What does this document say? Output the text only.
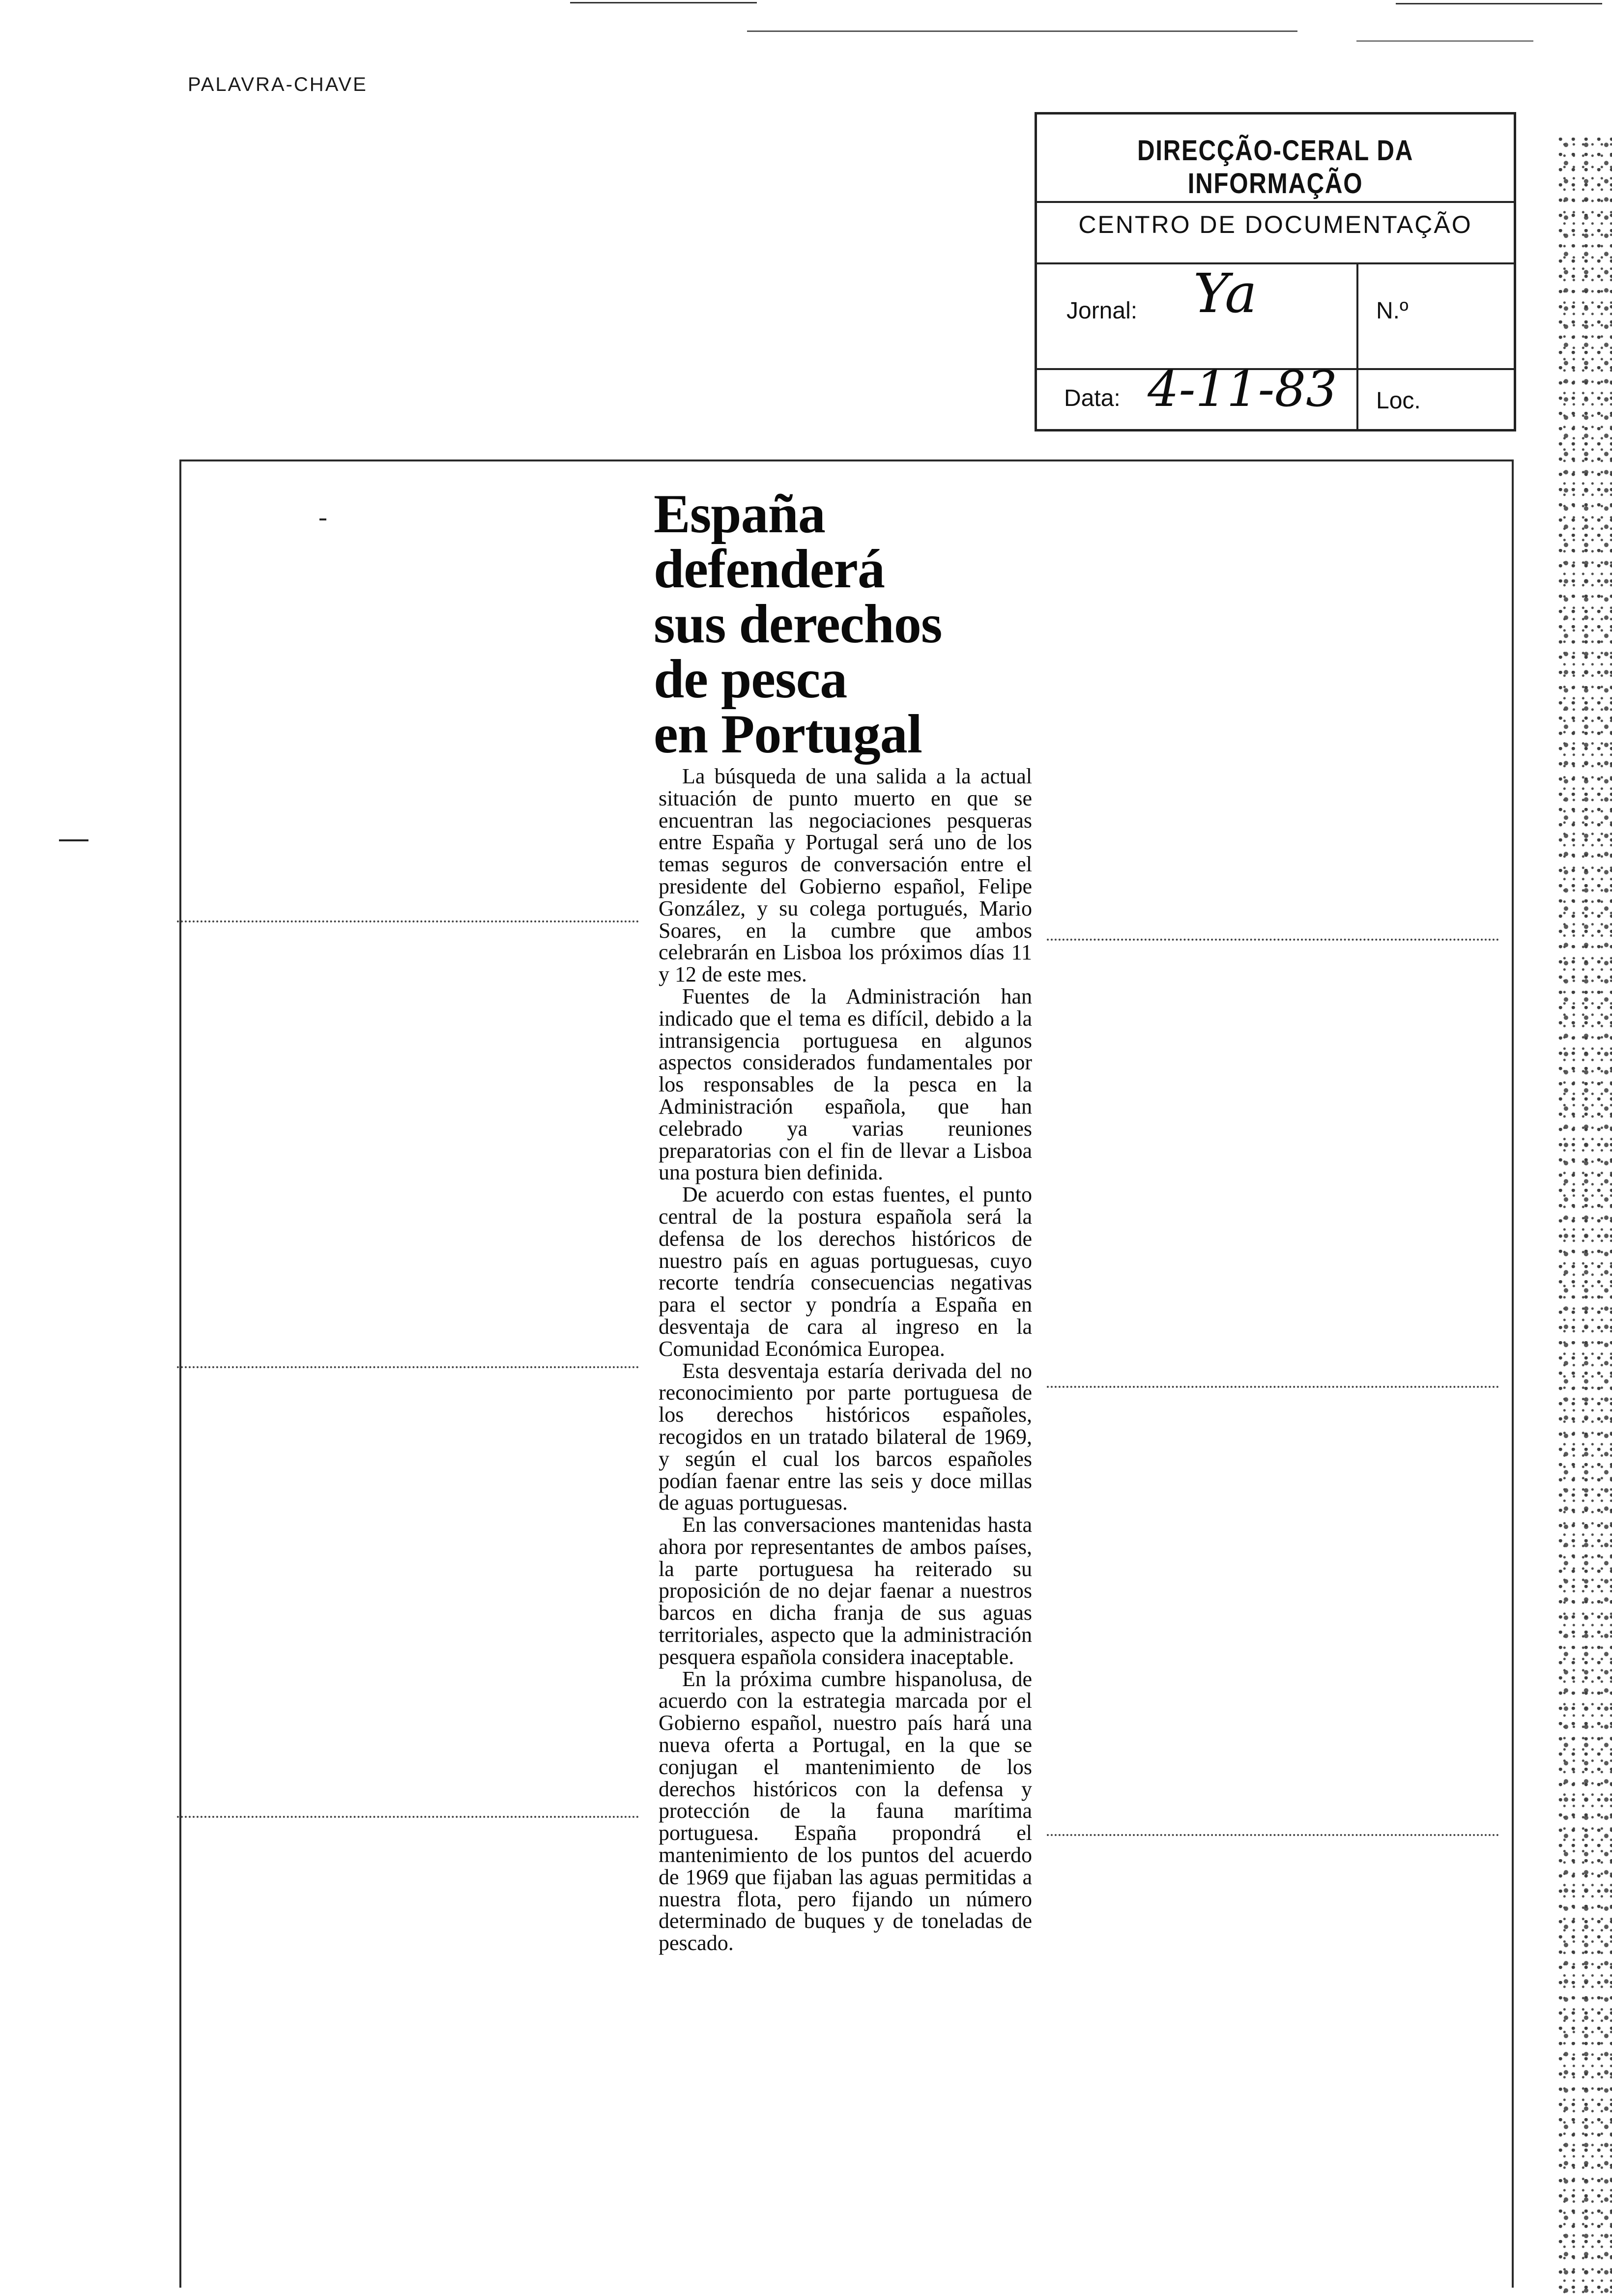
PALAVRA-CHAVE
DIRECÇÃO-CERAL DA INFORMAÇÃO
CENTRO DE DOCUMENTAÇÃO
Jornal: Ya	N.º
Data: 4-11-83 Loc.
España
defenderá
sus derechos
de pesca
en Portugal

La búsqueda de una salida a la actual situación de punto muerto en que se encuentran las negociaciones pesqueras entre España y Portugal será uno de los temas seguros de conversación entre el presidente del Gobierno español, Felipe González, y su colega portugués, Mario Soares, en la cumbre que ambos celebrarán en Lisboa los próximos días 11 y 12 de este mes.

Fuentes de la Administración han indicado que el tema es difícil, debido a la intransigencia portuguesa en algunos aspectos considerados fundamentales por los responsables de la pesca en la Administración española, que han celebrado ya varias reuniones preparatorias con el fin de llevar a Lisboa una postura bien definida.

De acuerdo con estas fuentes, el punto central de la postura española será la defensa de los derechos históricos de nuestro país en aguas portuguesas, cuyo recorte tendría consecuencias negativas para el sector y pondría a España en desventaja de cara al ingreso en la Comunidad Económica Europea.

Esta desventaja estaría derivada del no reconocimiento por parte portuguesa de los derechos históricos españoles, recogidos en un tratado bilateral de 1969, y según el cual los barcos españoles podían faenar entre las seis y doce millas de aguas portuguesas.

En las conversaciones mantenidas hasta ahora por representantes de ambos países, la parte portuguesa ha reiterado su proposición de no dejar faenar a nuestros barcos en dicha franja de sus aguas territoriales, aspecto que la administración pesquera española considera inaceptable.

En la próxima cumbre hispanolusa, de acuerdo con la estrategia marcada por el Gobierno español, nuestro país hará una nueva oferta a Portugal, en la que se conjugan el mantenimiento de los derechos históricos con la defensa y protección de la fauna marítima portuguesa. España propondrá el mantenimiento de los puntos del acuerdo de 1969 que fijaban las aguas permitidas a nuestra flota, pero fijando un número determinado de buques y de toneladas de pescado.
